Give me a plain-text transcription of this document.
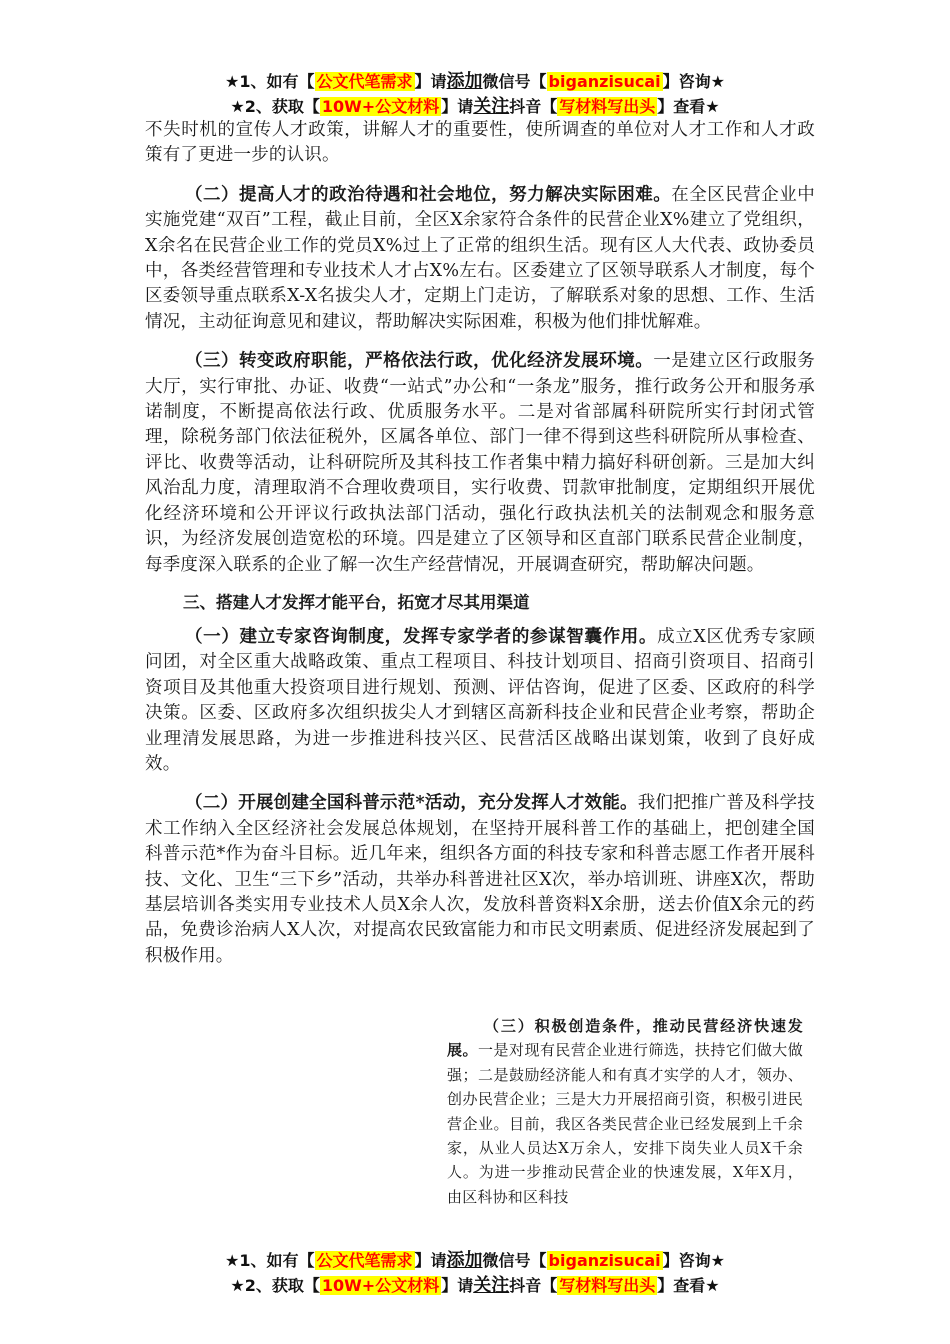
★1、如有【 公文代笔需求 】请添加微信号【 biganzisucai 】咨询★
★2、获取【 10W+公文材料 】请关注抖音【 写材料写出头 】查看★

不失时机的宣传人才政策，讲解人才的重要性，使所调查的单位对人才工作和人才政策有了更进一步的认识。

（二）提高人才的政治待遇和社会地位，努力解决实际困难。在全区民营企业中实施党建“双百”工程，截止目前，全区X余家符合条件的民营企业X%建立了党组织，X余名在民营企业工作的党员X%过上了正常的组织生活。现有区人大代表、政协委员中，各类经营管理和专业技术人才占X%左右。区委建立了区领导联系人才制度，每个区委领导重点联系X-X名拔尖人才，定期上门走访，了解联系对象的思想、工作、生活情况，主动征询意见和建议，帮助解决实际困难，积极为他们排忧解难。

（三）转变政府职能，严格依法行政，优化经济发展环境。一是建立区行政服务大厅，实行审批、办证、收费“一站式”办公和“一条龙”服务，推行政务公开和服务承诺制度，不断提高依法行政、优质服务水平。二是对省部属科研院所实行封闭式管理，除税务部门依法征税外，区属各单位、部门一律不得到这些科研院所从事检查、评比、收费等活动，让科研院所及其科技工作者集中精力搞好科研创新。三是加大纠风治乱力度，清理取消不合理收费项目，实行收费、罚款审批制度，定期组织开展优化经济环境和公开评议行政执法部门活动，强化行政执法机关的法制观念和服务意识，为经济发展创造宽松的环境。四是建立了区领导和区直部门联系民营企业制度，每季度深入联系的企业了解一次生产经营情况，开展调查研究，帮助解决问题。

三、搭建人才发挥才能平台，拓宽才尽其用渠道

（一）建立专家咨询制度，发挥专家学者的参谋智囊作用。成立X区优秀专家顾问团，对全区重大战略政策、重点工程项目、科技计划项目、招商引资项目、招商引资项目及其他重大投资项目进行规划、预测、评估咨询，促进了区委、区政府的科学决策。区委、区政府多次组织拔尖人才到辖区高新科技企业和民营企业考察，帮助企业理清发展思路，为进一步推进科技兴区、民营活区战略出谋划策，收到了良好成效。

（二）开展创建全国科普示范*活动，充分发挥人才效能。我们把推广普及科学技术工作纳入全区经济社会发展总体规划，在坚持开展科普工作的基础上，把创建全国科普示范*作为奋斗目标。近几年来，组织各方面的科技专家和科普志愿工作者开展科技、文化、卫生“三下乡”活动，共举办科普进社区X次，举办培训班、讲座X次，帮助基层培训各类实用专业技术人员X余人次，发放科普资料X余册，送去价值X余元的药品，免费诊治病人X人次，对提高农民致富能力和市民文明素质、促进经济发展起到了积极作用。

（三）积极创造条件，推动民营经济快速发展。一是对现有民营企业进行筛选，扶持它们做大做强；二是鼓励经济能人和有真才实学的人才，领办、创办民营企业；三是大力开展招商引资，积极引进民营企业。目前，我区各类民营企业已经发展到上千余家，从业人员达X万余人，安排下岗失业人员X千余人。为进一步推动民营企业的快速发展，X年X月，由区科协和区科技

★1、如有【 公文代笔需求 】请添加微信号【 biganzisucai 】咨询★
★2、获取【 10W+公文材料 】请关注抖音【 写材料写出头 】查看★
